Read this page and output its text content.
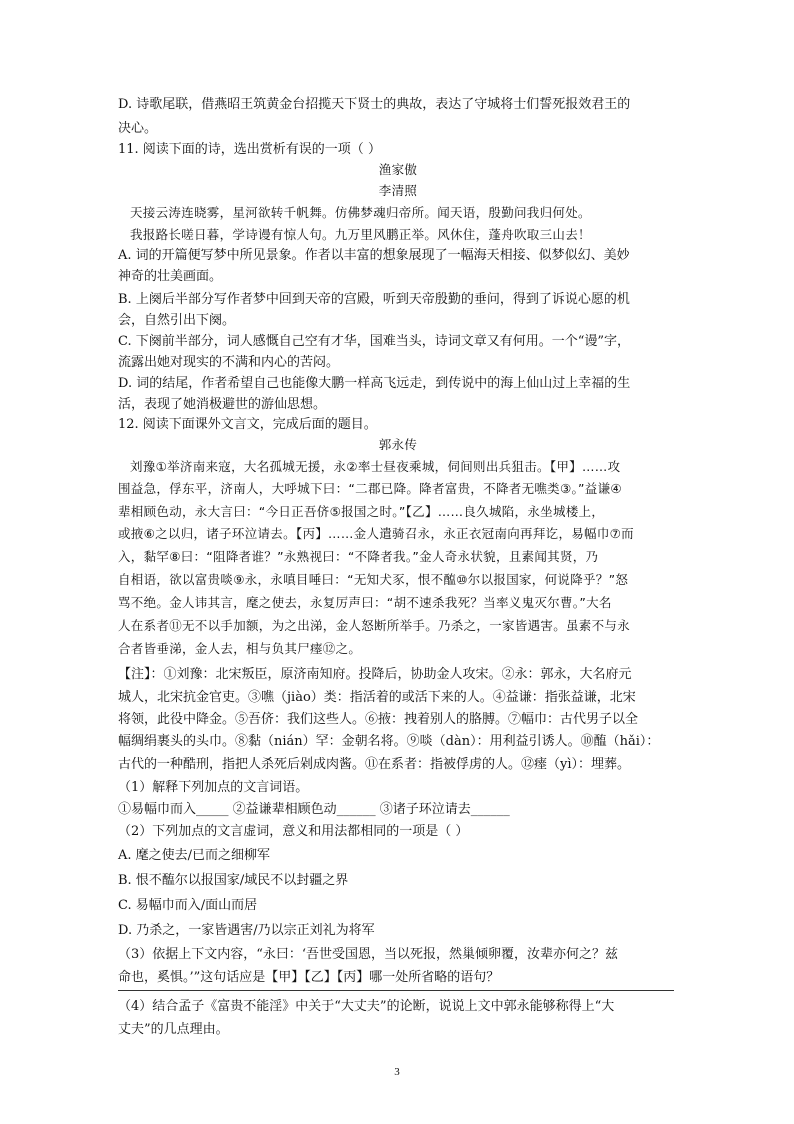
D. 诗歌尾联，借燕昭王筑黄金台招揽天下贤士的典故，表达了守城将士们誓死报效君王的
决心。
11. 阅读下面的诗，选出赏析有误的一项（ ）
渔家傲
李清照
天接云涛连晓雾，星河欲转千帆舞。仿佛梦魂归帝所。闻天语，殷勤问我归何处。
我报路长嗟日暮，学诗谩有惊人句。九万里风鹏正举。风休住，蓬舟吹取三山去！
A. 词的开篇便写梦中所见景象。作者以丰富的想象展现了一幅海天相接、似梦似幻、美妙
神奇的壮美画面。
B. 上阕后半部分写作者梦中回到天帝的宫殿，听到天帝殷勤的垂问，得到了诉说心愿的机
会，自然引出下阕。
C. 下阕前半部分，词人感慨自己空有才华，国难当头，诗词文章又有何用。一个“谩”字，
流露出她对现实的不满和内心的苦闷。
D. 词的结尾，作者希望自己也能像大鹏一样高飞远走，到传说中的海上仙山过上幸福的生
活，表现了她消极避世的游仙思想。
12. 阅读下面课外文言文，完成后面的题目。
郭永传
刘豫①举济南来寇，大名孤城无援，永②率士昼夜乘城，伺间则出兵狙击。【甲】……攻
围益急，俘东平，济南人，大呼城下曰：“二郡已降。降者富贵，不降者无噍类③。”益谦④
辈相顾色动，永大言曰：“今日正吾侪⑤报国之时。”【乙】……良久城陷，永坐城楼上，
或掖⑥之以归，诸子环泣请去。【丙】……金人遣骑召永，永正衣冠南向再拜讫，易幅巾⑦而
入，黏罕⑧曰：“阻降者谁？”永熟视曰：“不降者我。”金人奇永状貌，且素闻其贤，乃
自相语，欲以富贵啖⑨永，永嗔目唾曰：“无知犬豕，恨不醢⑩尔以报国家，何说降乎？”怒
骂不绝。金人讳其言，麾之使去，永复厉声曰：“胡不速杀我死？当率义鬼灭尔曹。”大名
人在系者⑪无不以手加额，为之出涕，金人怒断所举手。乃杀之，一家皆遇害。虽素不与永
合者皆垂涕，金人去，相与负其尸瘗⑫之。
【注】：①刘豫：北宋叛臣，原济南知府。投降后，协助金人攻宋。②永：郭永，大名府元
城人，北宋抗金官吏。③噍（jiào）类：指活着的或活下来的人。④益谦：指张益谦，北宋
将领，此役中降金。⑤吾侪：我们这些人。⑥掖：拽着别人的胳膊。⑦幅巾：古代男子以全
幅绸绢裹头的头巾。⑧黏（nián）罕：金朝名将。⑨啖（dàn）：用利益引诱人。⑩醢（hǎi）：
古代的一种酷刑，指把人杀死后剁成肉酱。⑪在系者：指被俘虏的人。⑫瘗（yì）：埋葬。
（1）解释下列加点的文言词语。
①易幅巾而入_____ ②益谦辈相顾色动______ ③诸子环泣请去______
（2）下列加点的文言虚词，意义和用法都相同的一项是（ ）
A. 麾之使去/已而之细柳军
B. 恨不醢尔以报国家/域民不以封疆之界
C. 易幅巾而入/面山而居
D. 乃杀之，一家皆遇害/乃以宗正刘礼为将军
（3）依据上下文内容，“永曰：‘吾世受国恩，当以死报，然巢倾卵覆，汝辈亦何之？兹
命也，奚惧。’”这句话应是【甲】【乙】【丙】哪一处所省略的语句？
（4）结合孟子《富贵不能淫》中关于“大丈夫”的论断，说说上文中郭永能够称得上“大
丈夫”的几点理由。
3
